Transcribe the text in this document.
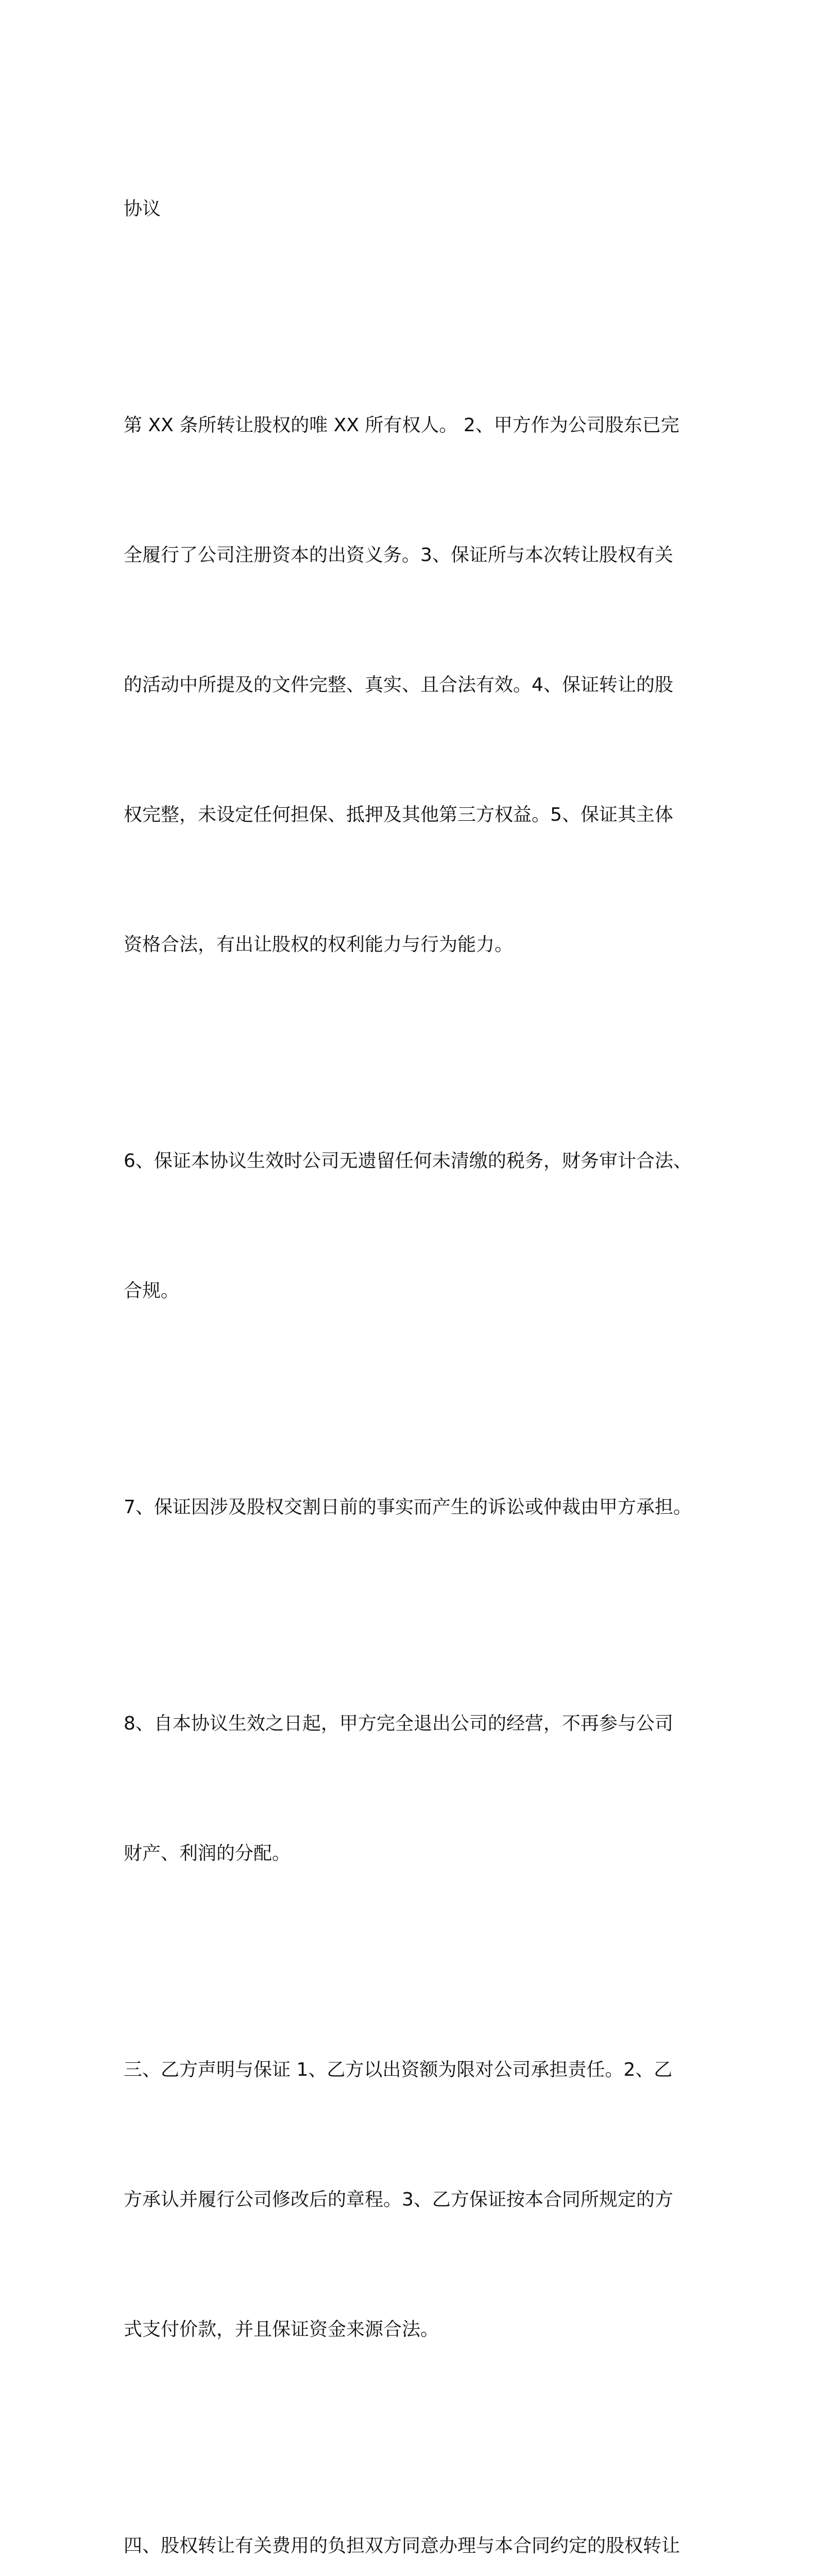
协议

第 XX 条所转让股权的唯 XX 所有权人。 2、甲方作为公司股东已完

全履行了公司注册资本的出资义务。3、保证所与本次转让股权有关

的活动中所提及的文件完整、真实、且合法有效。4、保证转让的股

权完整，未设定任何担保、抵押及其他第三方权益。5、保证其主体

资格合法，有出让股权的权利能力与行为能力。

6、保证本协议生效时公司无遗留任何未清缴的税务，财务审计合法、

合规。

7、保证因涉及股权交割日前的事实而产生的诉讼或仲裁由甲方承担。

8、自本协议生效之日起，甲方完全退出公司的经营，不再参与公司

财产、利润的分配。

三、乙方声明与保证 1、乙方以出资额为限对公司承担责任。2、乙

方承认并履行公司修改后的章程。3、乙方保证按本合同所规定的方

式支付价款，并且保证资金来源合法。

四、股权转让有关费用的负担双方同意办理与本合同约定的股权转让
